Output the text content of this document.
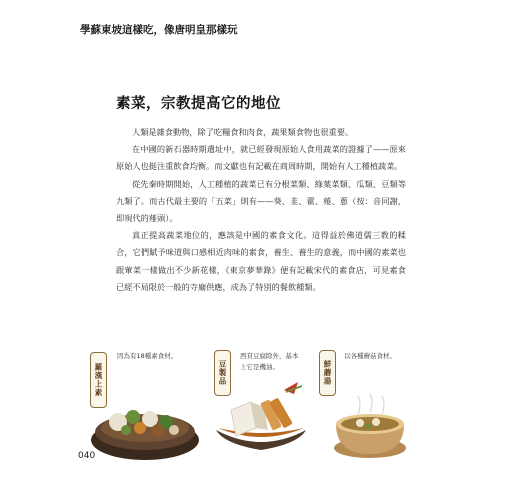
學蘇東坡這樣吃，像唐明皇那樣玩
素菜，宗教提高它的地位

人類是雜食動物，除了吃糧食和肉食，蔬果類食物也很重要。

在中國的新石器時期遺址中，就已經發現原始人食用蔬菜的證據了——原來原始人也挺注重飲食均衡。而文獻也有記載在商周時期，開始有人工種植蔬菜。

從先秦時期開始，人工種植的蔬菜已有分根菜類、綠葉菜類、瓜類、豆類等九類了。而古代最主要的「五菜」則有——葵、韭、藿、薤、蔥（按：音同謝，即現代的薤頭）。

真正提高蔬菜地位的，應該是中國的素食文化。這得益於佛道儒三教的糅合，它們賦予味道與口感相近肉味的素食，養生、養生的意義，而中國的素菜也跟葷菜一樣做出不少新花樣，《東京夢華錄》便有記載宋代的素食店，可見素食已經不局限於一般的寺廟供應，成為了特別的餐飲種類。

羅漢上素
因為有18種素食材。
豆製品
西頁豆腐除外，基本上它是機油。	鮮蘑湯
以各種蘑菇食材。
040
